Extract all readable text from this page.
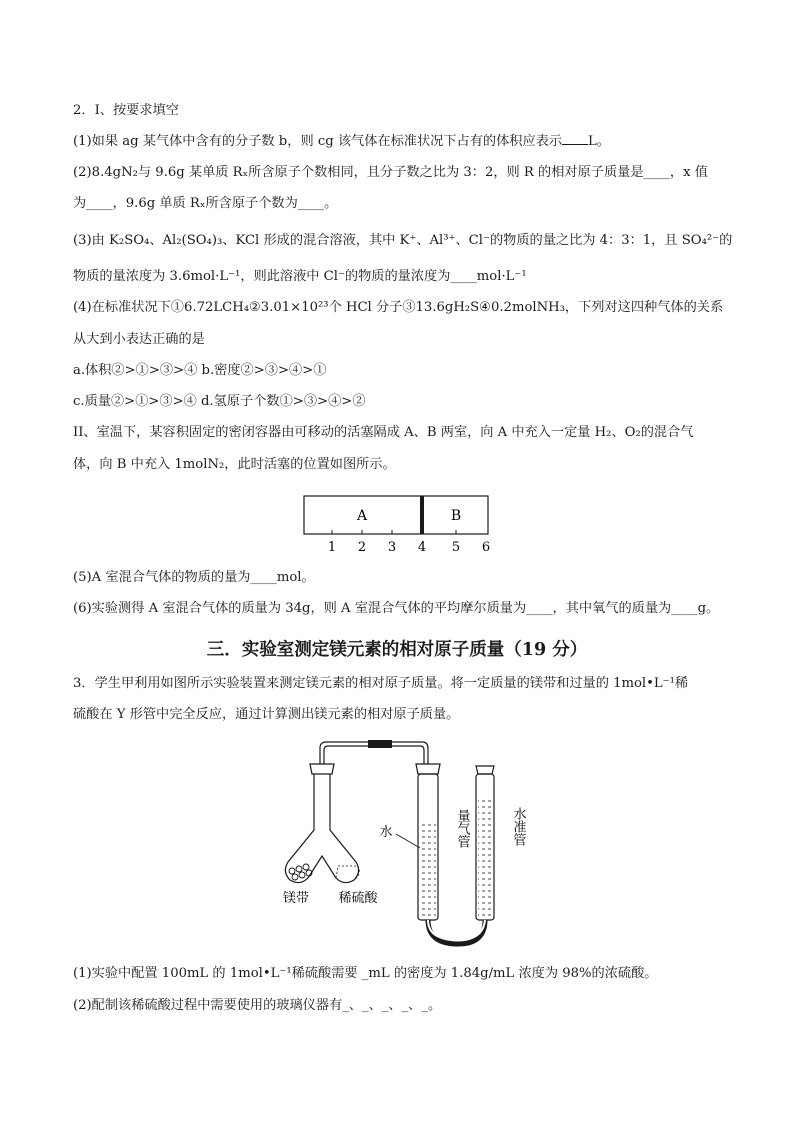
2．I、按要求填空
(1)如果 ag 某气体中含有的分子数 b，则 cg 该气体在标准状况下占有的体积应表示 L。
(2)8.4gN₂与 9.6g 某单质 Rₓ所含原子个数相同，且分子数之比为 3：2，则 R 的相对原子质量是____，x 值
为____，9.6g 单质 Rₓ所含原子个数为____。
(3)由 K₂SO₄、Al₂(SO₄)₃、KCl 形成的混合溶液，其中 K⁺、Al³⁺、Cl⁻的物质的量之比为 4：3：1，且 SO₄²⁻的
物质的量浓度为 3.6mol·L⁻¹，则此溶液中 Cl⁻的物质的量浓度为____mol·L⁻¹
(4)在标准状况下①6.72LCH₄②3.01×10²³个 HCl 分子③13.6gH₂S④0.2molNH₃，下列对这四种气体的关系
从大到小表达正确的是
a.体积②>①>③>④ b.密度②>③>④>①
c.质量②>①>③>④ d.氢原子个数①>③>④>②
II、室温下，某容积固定的密闭容器由可移动的活塞隔成 A、B 两室，向 A 中充入一定量 H₂、O₂的混合气
体，向 B 中充入 1molN₂，此时活塞的位置如图所示。
A	B
1 2 3 4 5 6
(5)A 室混合气体的物质的量为____mol。
(6)实验测得 A 室混合气体的质量为 34g，则 A 室混合气体的平均摩尔质量为____，其中氧气的质量为____g。
三．实验室测定镁元素的相对原子质量（19 分）
3．学生甲利用如图所示实验装置来测定镁元素的相对原子质量。将一定质量的镁带和过量的 1mol•L⁻¹稀
硫酸在 Y 形管中完全反应，通过计算测出镁元素的相对原子质量。
水
量气管 水准管
镁带 稀硫酸
(1)实验中配置 100mL 的 1mol•L⁻¹稀硫酸需要 _mL 的密度为 1.84g/mL 浓度为 98%的浓硫酸。
(2)配制该稀硫酸过程中需要使用的玻璃仪器有_、_、_、_、_。
